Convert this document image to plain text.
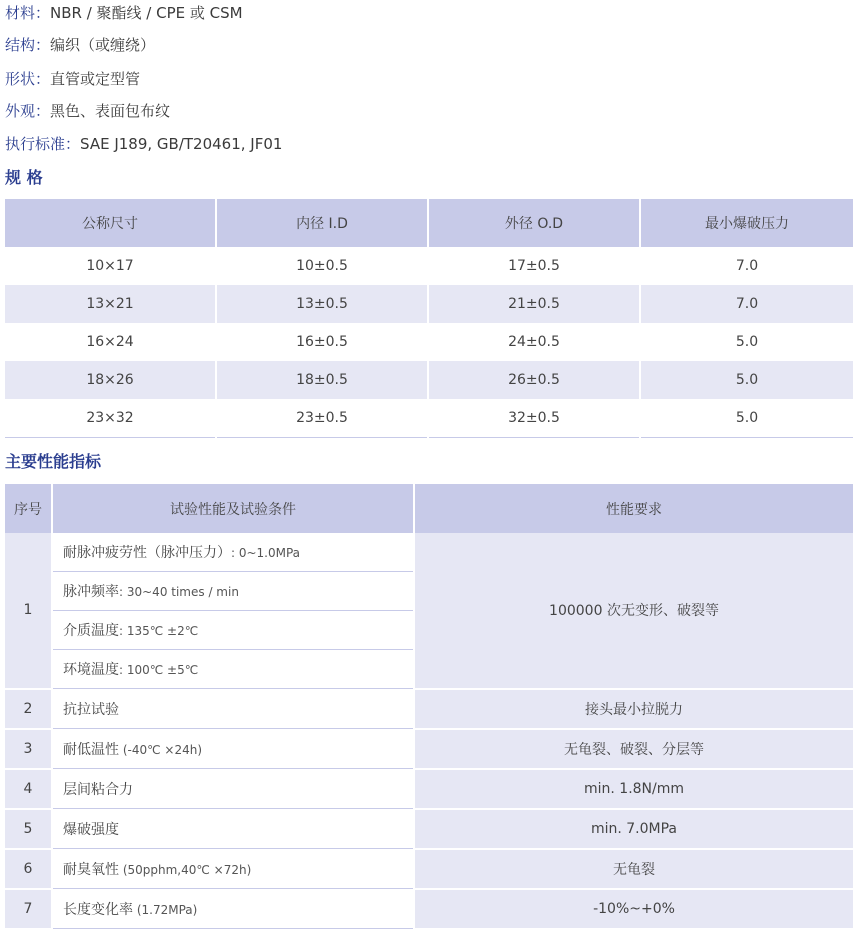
材料：NBR / 聚酯线 / CPE 或 CSM
结构：编织（或缠绕）
形状：直管或定型管
外观：黑色、表面包布纹
执行标准：SAE J189, GB/T20461, JF01
规 格
公称尺寸	内径 I.D	外径 O.D	最小爆破压力
10×17	10±0.5	17±0.5	7.0
13×21	13±0.5	21±0.5	7.0
16×24	16±0.5	24±0.5	5.0
18×26	18±0.5	26±0.5	5.0
23×32	23±0.5	32±0.5	5.0
主要性能指标
序号	试验性能及试验条件	性能要求
1	耐脉冲疲劳性（脉冲压力）: 0~1.0MPa	100000 次无变形、破裂等
	脉冲频率: 30~40 times / min	
	介质温度: 135℃ ±2℃	
	环境温度: 100℃ ±5℃	
2	抗拉试验	接头最小拉脱力
3	耐低温性 (-40℃ ×24h)	无龟裂、破裂、分层等
4	层间粘合力	min. 1.8N/mm
5	爆破强度	min. 7.0MPa
6	耐臭氧性 (50pphm,40℃ ×72h)	无龟裂
7	长度变化率 (1.72MPa)	-10%~+0%
